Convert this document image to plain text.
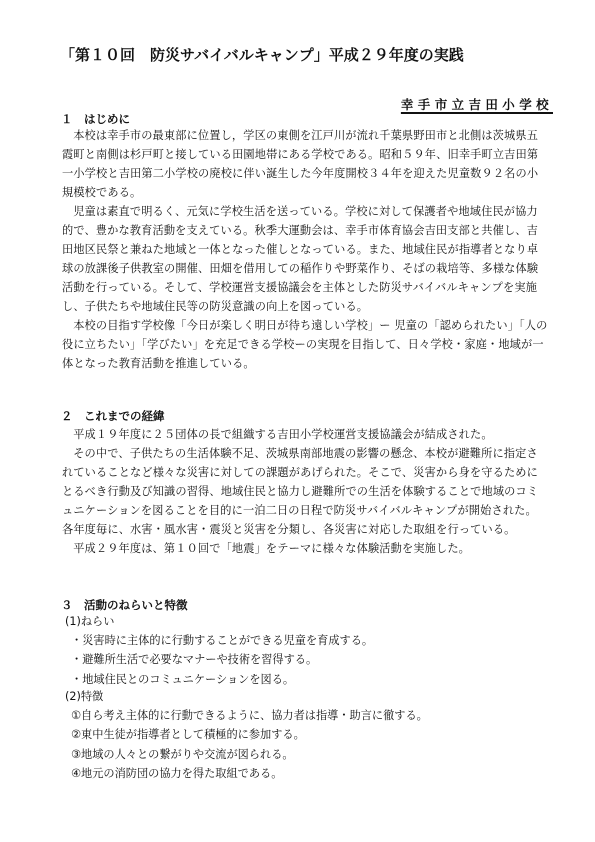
「第１０回　防災サバイバルキャンプ」平成２９年度の実践
幸手市立吉田小学校
１　はじめに

本校は幸手市の最東部に位置し，学区の東側を江戸川が流れ千葉県野田市と北側は茨城県五霞町と南側は杉戸町と接している田園地帯にある学校である。昭和５９年、旧幸手町立吉田第一小学校と吉田第二小学校の廃校に伴い誕生した今年度開校３４年を迎えた児童数９２名の小規模校である。

児童は素直で明るく、元気に学校生活を送っている。学校に対して保護者や地域住民が協力的で、豊かな教育活動を支えている。秋季大運動会は、幸手市体育協会吉田支部と共催し、吉田地区民祭と兼ねた地域と一体となった催しとなっている。また、地域住民が指導者となり卓球の放課後子供教室の開催、田畑を借用しての稲作りや野菜作り、そばの栽培等、多様な体験活動を行っている。そして、学校運営支援協議会を主体とした防災サバイバルキャンプを実施し、子供たちや地域住民等の防災意識の向上を図っている。

本校の目指す学校像「今日が楽しく明日が待ち遠しい学校」ー 児童の「認められたい」「人の役に立ちたい」「学びたい」を充足できる学校ーの実現を目指して、日々学校・家庭・地域が一体となった教育活動を推進している。

２　これまでの経緯

平成１９年度に２５団体の長で組織する吉田小学校運営支援協議会が結成された。

その中で、子供たちの生活体験不足、茨城県南部地震の影響の懸念、本校が避難所に指定されていることなど様々な災害に対しての課題があげられた。そこで、災害から身を守るためにとるべき行動及び知識の習得、地域住民と協力し避難所での生活を体験することで地域のコミュニケーションを図ることを目的に一泊二日の日程で防災サバイバルキャンプが開始された。各年度毎に、水害・風水害・震災と災害を分類し、各災害に対応した取組を行っている。

平成２９年度は、第１０回で「地震」をテーマに様々な体験活動を実施した。

３　活動のねらいと特徴
(1)ねらい
・災害時に主体的に行動することができる児童を育成する。
・避難所生活で必要なマナーや技術を習得する。
・地域住民とのコミュニケーションを図る。
(2)特徴
①自ら考え主体的に行動できるように、協力者は指導・助言に徹する。
②東中生徒が指導者として積極的に参加する。
③地域の人々との繋がりや交流が図られる。
④地元の消防団の協力を得た取組である。
